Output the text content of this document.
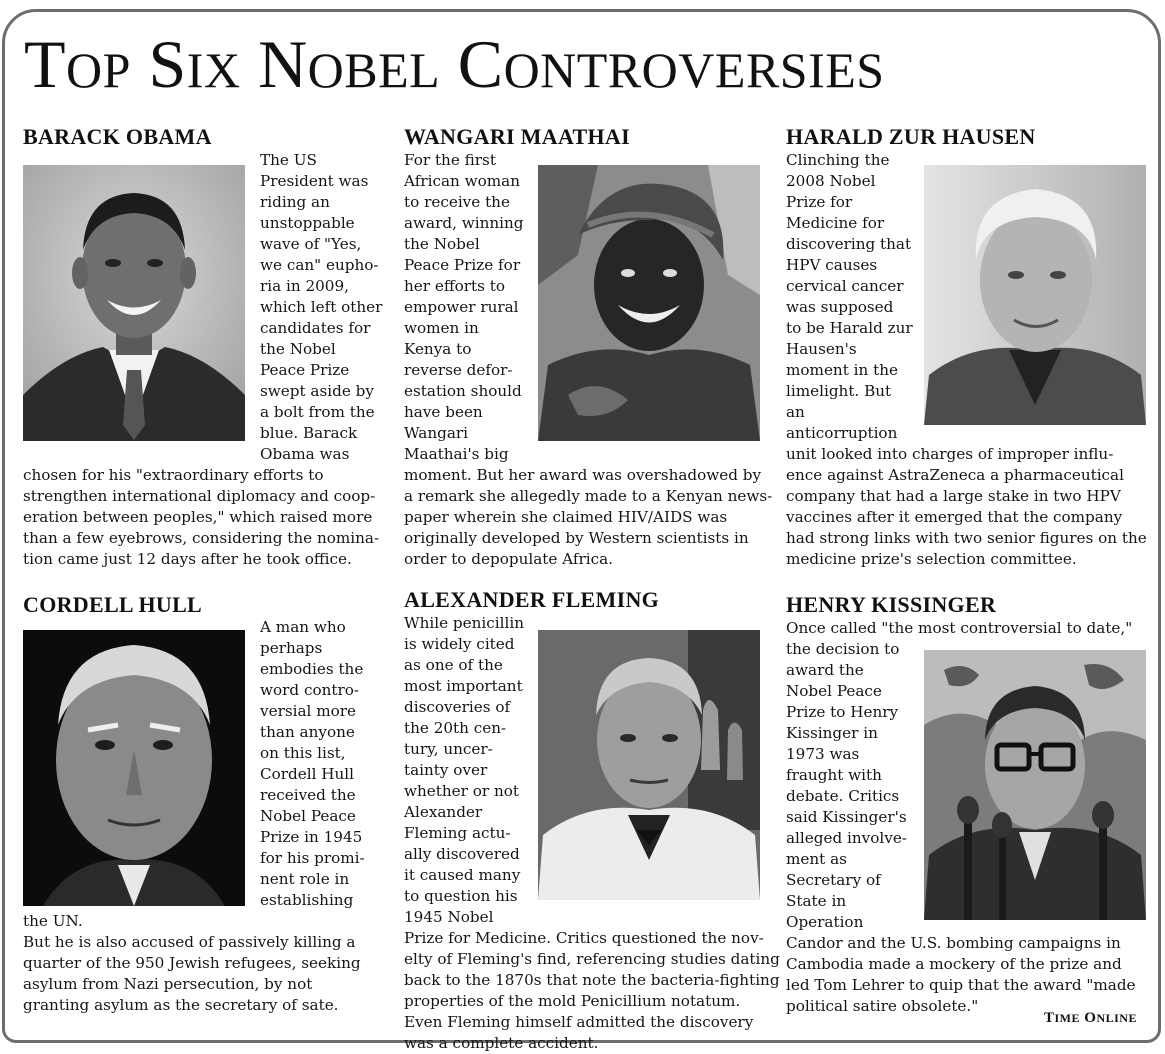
TOP SIX NOBEL CONTROVERSIES
BARACK OBAMA
The US
President was
riding an
unstoppable
wave of "Yes,
we can" eupho-
ria in 2009,
which left other
candidates for
the Nobel
Peace Prize
swept aside by
a bolt from the
blue. Barack
Obama was
chosen for his "extraordinary efforts to
strengthen international diplomacy and coop-
eration between peoples," which raised more
than a few eyebrows, considering the nomina-
tion came just 12 days after he took office.
WANGARI MAATHAI
For the first
African woman
to receive the
award, winning
the Nobel
Peace Prize for
her efforts to
empower rural
women in
Kenya to
reverse defor-
estation should
have been
Wangari
Maathai's big
moment. But her award was overshadowed by
a remark she allegedly made to a Kenyan news-
paper wherein she claimed HIV/AIDS was
originally developed by Western scientists in
order to depopulate Africa.
HARALD ZUR HAUSEN
Clinching the
2008 Nobel
Prize for
Medicine for
discovering that
HPV causes
cervical cancer
was supposed
to be Harald zur
Hausen's
moment in the
limelight. But
an
anticorruption
unit looked into charges of improper influ-
ence against AstraZeneca a pharmaceutical
company that had a large stake in two HPV
vaccines after it emerged that the company
had strong links with two senior figures on the
medicine prize's selection committee.
CORDELL HULL
A man who
perhaps
embodies the
word contro-
versial more
than anyone
on this list,
Cordell Hull
received the
Nobel Peace
Prize in 1945
for his promi-
nent role in
establishing
the UN.
But he is also accused of passively killing a
quarter of the 950 Jewish refugees, seeking
asylum from Nazi persecution, by not
granting asylum as the secretary of sate.
ALEXANDER FLEMING
While penicillin
is widely cited
as one of the
most important
discoveries of
the 20th cen-
tury, uncer-
tainty over
whether or not
Alexander
Fleming actu-
ally discovered
it caused many
to question his
1945 Nobel
Prize for Medicine. Critics questioned the nov-
elty of Fleming's find, referencing studies dating
back to the 1870s that note the bacteria-fighting
properties of the mold Penicillium notatum.
Even Fleming himself admitted the discovery
was a complete accident.
HENRY KISSINGER
Once called "the most controversial to date,"
the decision to
award the
Nobel Peace
Prize to Henry
Kissinger in
1973 was
fraught with
debate. Critics
said Kissinger's
alleged involve-
ment as
Secretary of
State in
Operation
Candor and the U.S. bombing campaigns in
Cambodia made a mockery of the prize and
led Tom Lehrer to quip that the award "made
political satire obsolete."
TIME ONLINE
